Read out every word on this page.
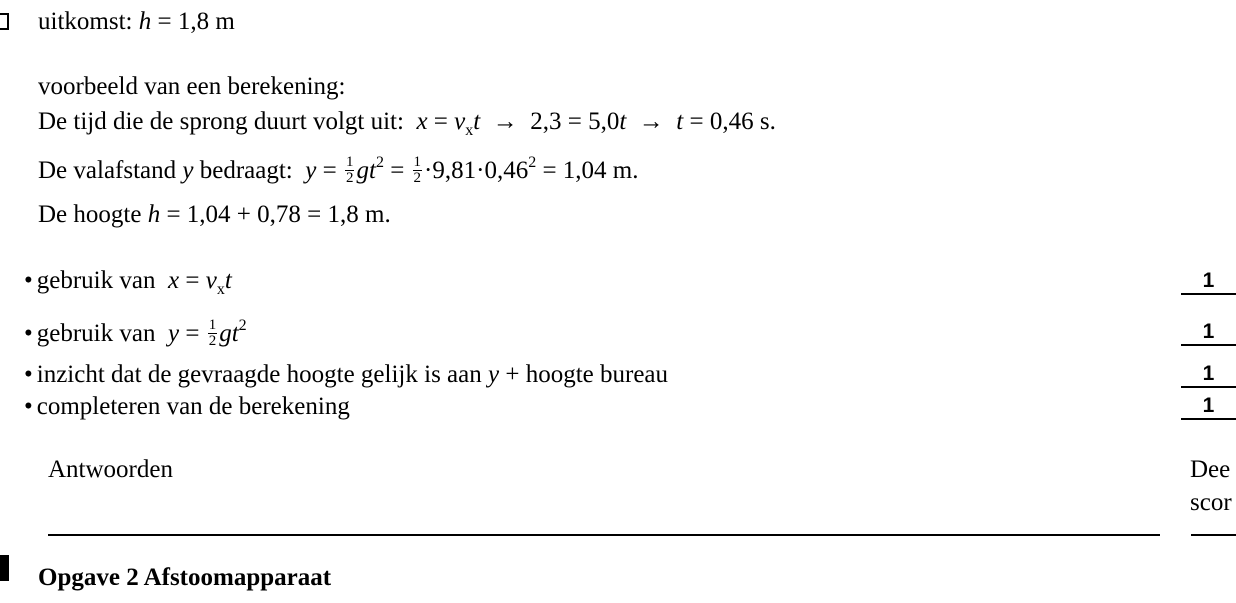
uitkomst: h = 1,8 m
voorbeeld van een berekening:
De tijd die de sprong duurt volgt uit: $x = v_xt \to 2,3 = 5,0t \to t = 0,46$ s.
De valafstand y bedraagt: $y = \frac{1}{2} gt^2 = \frac{1}{2} \cdot 9,81\cdot 0,46^2 = 1,04$ m.
De hoogte h = 1,04 + 0,78 = 1,8 m.
• gebruik van $x = v_xt$	1
• gebruik van $y = \frac{1}{2} gt^2$	1
• inzicht dat de gevraagde hoogte gelijk is aan y + hoogte bureau	1
• completeren van de berekening	1
Antwoorden	Dee
scor
Opgave 2 Afstoomapparaat
